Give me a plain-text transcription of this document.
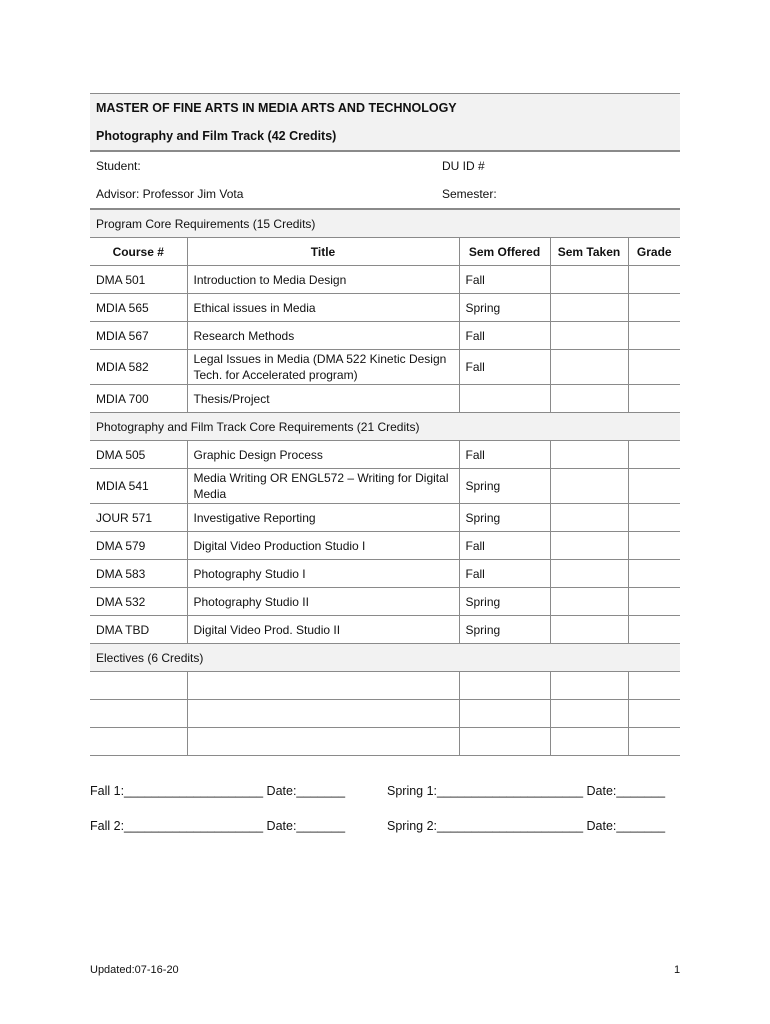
MASTER OF FINE ARTS IN MEDIA ARTS AND TECHNOLOGY
Photography and Film Track (42 Credits)
Student:	DU ID #
Advisor: Professor Jim Vota	Semester:
Program Core Requirements (15 Credits)
Course #	Title	Sem Offered	Sem Taken	Grade
DMA 501	Introduction to Media Design	Fall		
MDIA 565	Ethical issues in Media	Spring		
MDIA 567	Research Methods	Fall		
MDIA 582	Legal Issues in Media (DMA 522 Kinetic Design Tech. for Accelerated program)	Fall		
MDIA 700	Thesis/Project			
Photography and Film Track Core Requirements (21 Credits)
DMA 505	Graphic Design Process	Fall		
MDIA 541	Media Writing OR ENGL572 – Writing for Digital Media	Spring		
JOUR 571	Investigative Reporting	Spring		
DMA 579	Digital Video Production Studio I	Fall		
DMA 583	Photography Studio I	Fall		
DMA 532	Photography Studio II	Spring		
DMA TBD	Digital Video Prod. Studio II	Spring		
Electives (6 Credits)

Fall 1:____________________ Date:_______	Spring 1:_____________________ Date:_______
Fall 2:____________________ Date:_______	Spring 2:_____________________ Date:_______
Updated:07-16-20	1
